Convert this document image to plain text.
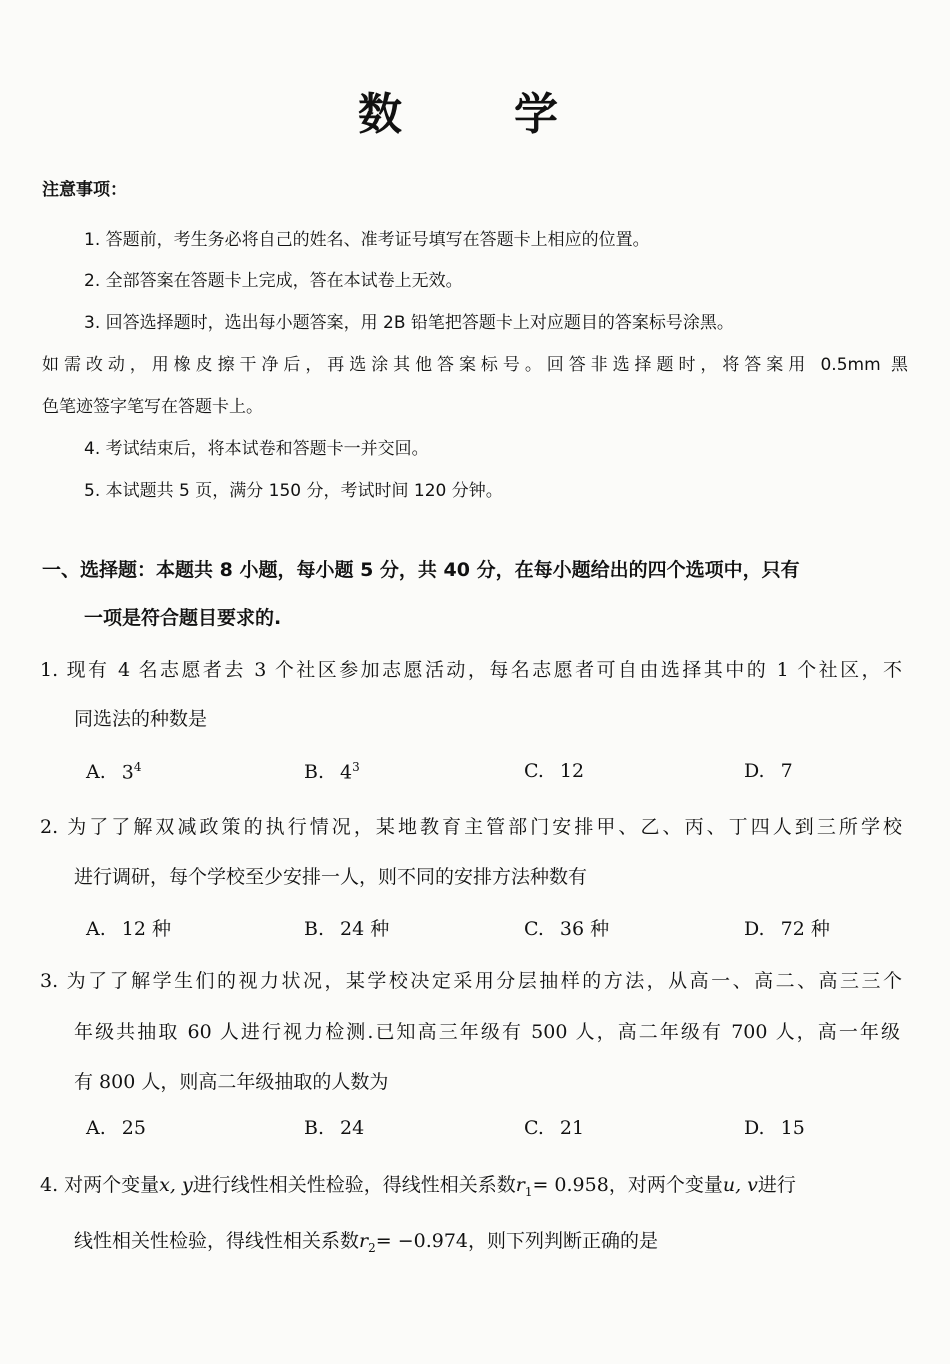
数　学
注意事项：
1. 答题前，考生务必将自己的姓名、准考证号填写在答题卡上相应的位置。
2. 全部答案在答题卡上完成，答在本试卷上无效。
3. 回答选择题时，选出每小题答案，用 2B 铅笔把答题卡上对应题目的答案标号涂黑。
如需改动，用橡皮擦干净后，再选涂其他答案标号。回答非选择题时，将答案用 0.5mm 黑
色笔迹签字笔写在答题卡上。
4. 考试结束后，将本试卷和答题卡一并交回。
5. 本试题共 5 页，满分 150 分，考试时间 120 分钟。
一、选择题：本题共 8 小题，每小题 5 分，共 40 分，在每小题给出的四个选项中，只有
一项是符合题目要求的.
1. 现有 4 名志愿者去 3 个社区参加志愿活动，每名志愿者可自由选择其中的 1 个社区，不
同选法的种数是
A. $3^4$	B. $4^3$	C. 12	D. 7
2. 为了了解双减政策的执行情况，某地教育主管部门安排甲、乙、丙、丁四人到三所学校
进行调研，每个学校至少安排一人，则不同的安排方法种数有
A. 12 种	B. 24 种	C. 36 种	D. 72 种
3. 为了了解学生们的视力状况，某学校决定采用分层抽样的方法，从高一、高二、高三三个
年级共抽取 60 人进行视力检测.已知高三年级有 500 人，高二年级有 700 人，高一年级
有 800 人，则高二年级抽取的人数为
A. 25	B. 24	C. 21	D. 15
4. 对两个变量x, y进行线性相关性检验，得线性相关系数$r_1= 0.958$，对两个变量u, v进行
线性相关性检验，得线性相关系数$r_2= -0.974$，则下列判断正确的是
